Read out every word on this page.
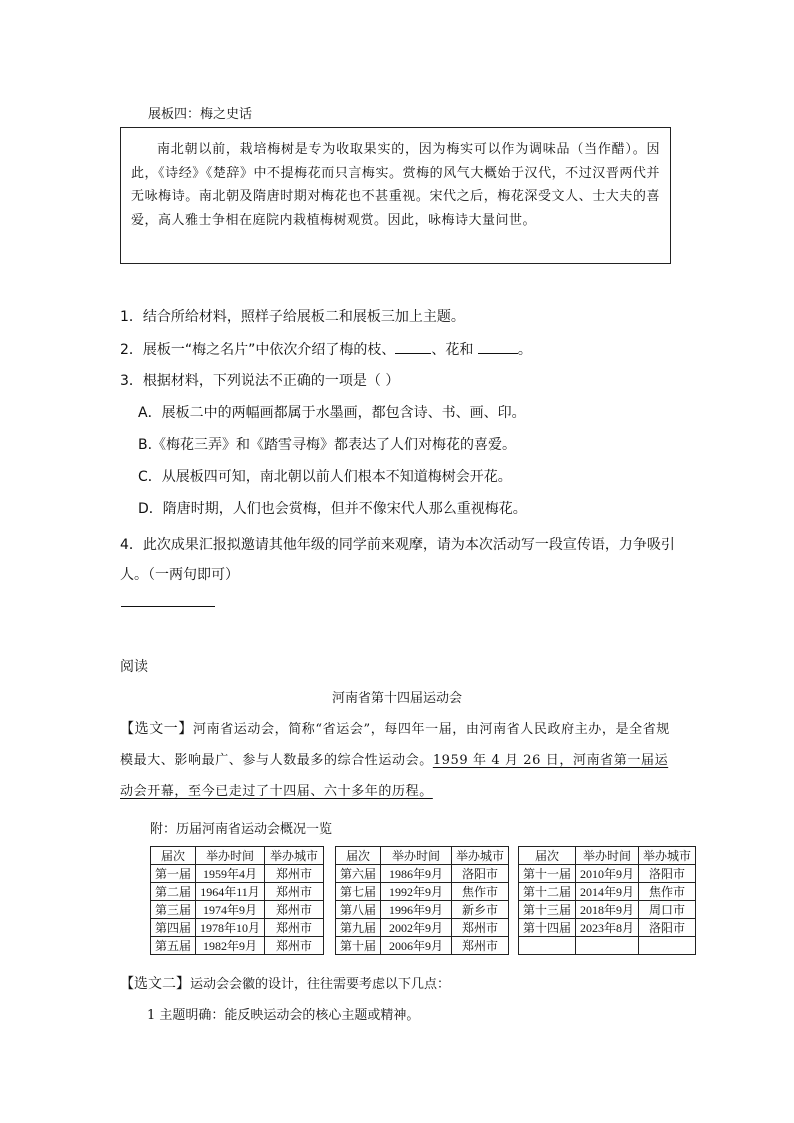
展板四：梅之史话

南北朝以前，栽培梅树是专为收取果实的，因为梅实可以作为调味品（当作醋）。因此，《诗经》《楚辞》中不提梅花而只言梅实。赏梅的风气大概始于汉代，不过汉晋两代并无咏梅诗。南北朝及隋唐时期对梅花也不甚重视。宋代之后，梅花深受文人、士大夫的喜爱，高人雅士争相在庭院内栽植梅树观赏。因此，咏梅诗大量问世。

1．结合所给材料，照样子给展板二和展板三加上主题。
2．展板一“梅之名片”中依次介绍了梅的枝、	、花和	。
3．根据材料，下列说法不正确的一项是（ ）
A．展板二中的两幅画都属于水墨画，都包含诗、书、画、印。
B.《梅花三弄》和《踏雪寻梅》都表达了人们对梅花的喜爱。
C．从展板四可知，南北朝以前人们根本不知道梅树会开花。
D．隋唐时期，人们也会赏梅，但并不像宋代人那么重视梅花。
4．此次成果汇报拟邀请其他年级的同学前来观摩，请为本次活动写一段宣传语，力争吸引人。（一两句即可）
阅读
河南省第十四届运动会
【选文一】河南省运动会，简称“省运会”，每四年一届，由河南省人民政府主办，是全省规模最大、影响最广、参与人数最多的综合性运动会。1959 年 4 月 26 日，河南省第一届运动会开幕，至今已走过了十四届、六十多年的历程。
附：历届河南省运动会概况一览
届次	举办时间	举办城市
第一届	1959年4月	郑州市
第二届	1964年11月	郑州市
第三届	1974年9月	郑州市
第四届	1978年10月	郑州市
第五届	1982年9月	郑州市
届次	举办时间	举办城市
第六届	1986年9月	洛阳市
第七届	1992年9月	焦作市
第八届	1996年9月	新乡市
第九届	2002年9月	郑州市
第十届	2006年9月	郑州市
届次	举办时间	举办城市
第十一届	2010年9月	洛阳市
第十二届	2014年9月	焦作市
第十三届	2018年9月	周口市
第十四届	2023年8月	洛阳市

【选文二】运动会会徽的设计，往往需要考虑以下几点：
1 主题明确：能反映运动会的核心主题或精神。
